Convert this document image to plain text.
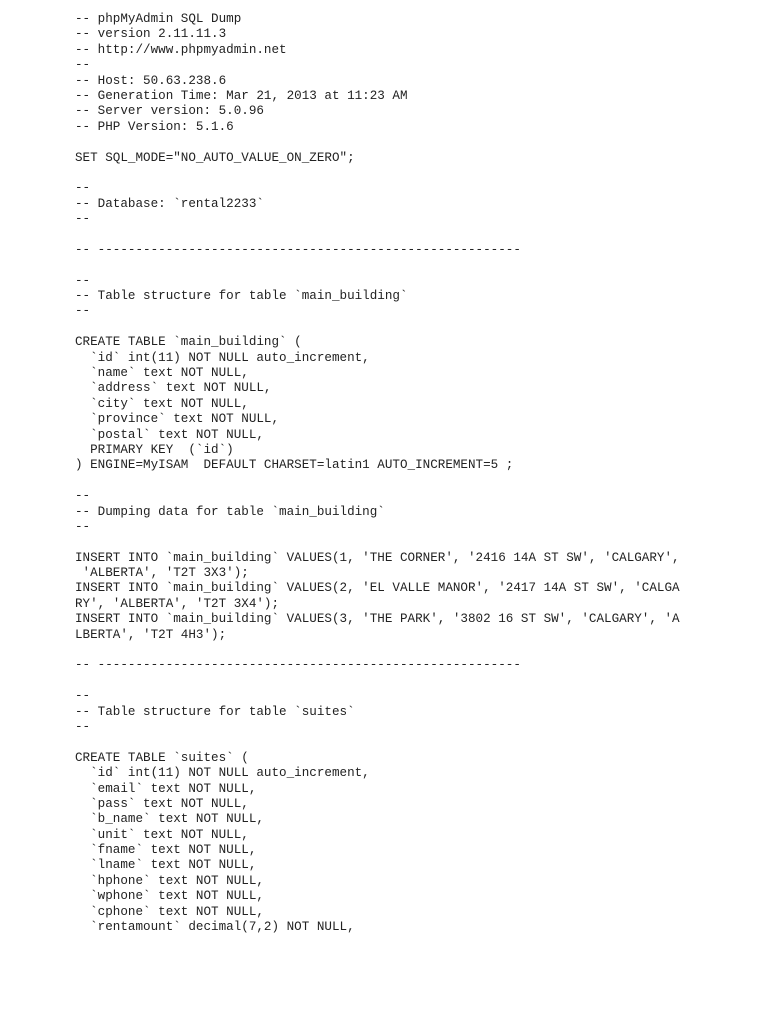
-- phpMyAdmin SQL Dump
-- version 2.11.11.3
-- http://www.phpmyadmin.net
--
-- Host: 50.63.238.6
-- Generation Time: Mar 21, 2013 at 11:23 AM
-- Server version: 5.0.96
-- PHP Version: 5.1.6
SET SQL_MODE="NO_AUTO_VALUE_ON_ZERO";
--
-- Database: `rental2233`
--
-- --------------------------------------------------------
--
-- Table structure for table `main_building`
--
CREATE TABLE `main_building` (
`id` int(11) NOT NULL auto_increment,
`name` text NOT NULL,
`address` text NOT NULL,
`city` text NOT NULL,
`province` text NOT NULL,
`postal` text NOT NULL,
PRIMARY KEY  (`id`)
) ENGINE=MyISAM  DEFAULT CHARSET=latin1 AUTO_INCREMENT=5 ;
--
-- Dumping data for table `main_building`
--
INSERT INTO `main_building` VALUES(1, 'THE CORNER', '2416 14A ST SW', 'CALGARY',
'ALBERTA', 'T2T 3X3');
INSERT INTO `main_building` VALUES(2, 'EL VALLE MANOR', '2417 14A ST SW', 'CALGA
RY', 'ALBERTA', 'T2T 3X4');
INSERT INTO `main_building` VALUES(3, 'THE PARK', '3802 16 ST SW', 'CALGARY', 'A
LBERTA', 'T2T 4H3');
-- --------------------------------------------------------
--
-- Table structure for table `suites`
--
CREATE TABLE `suites` (
`id` int(11) NOT NULL auto_increment,
`email` text NOT NULL,
`pass` text NOT NULL,
`b_name` text NOT NULL,
`unit` text NOT NULL,
`fname` text NOT NULL,
`lname` text NOT NULL,
`hphone` text NOT NULL,
`wphone` text NOT NULL,
`cphone` text NOT NULL,
`rentamount` decimal(7,2) NOT NULL,
